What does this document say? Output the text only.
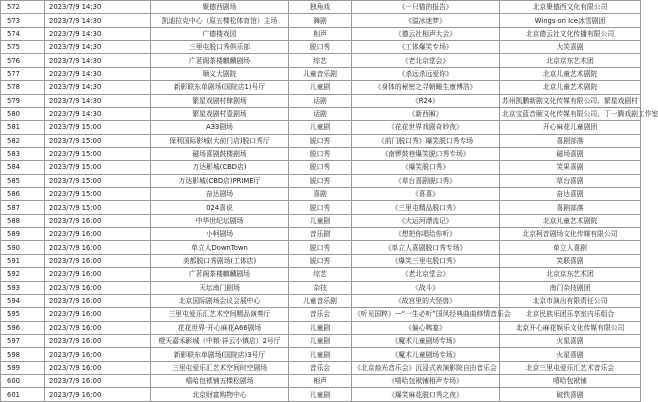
572	2023/7/9 14:30	聚德西剧场	独角戏	《一只猫的报告》	北京聚德西文化有限公司
573	2023/7/9 14:30	凯迪拉克中心（原五棵松体育馆）主场	舞剧	《溢冰迷梦》	Wings on Ice冰雪剧团
574	2023/7/9 14:30	广德楼戏园	相声	《德云社相声大会》	北京德云社文化传播有限公司
575	2023/7/9 14:30	三里屯脱口秀俱乐部	脱口秀	《工体爆笑专场》	大笑喜剧
576	2023/7/9 14:30	广茗阁茶楼麒麟剧场	综艺	《老北京堂会》	北京京东艺术团
577	2023/7/9 14:30	顺义大剧院	儿童音乐剧	《杀远杀远爱你》	北京儿童艺术剧院
578	2023/7/9 14:30	新影联东单剧场(国院店1)号厅	儿童剧	《身体的秘密之寻朝睡生康博浩》	北京儿童艺术剧院
579	2023/7/9 14:30	繁星戏剧村肆剧场	话剧	《R24》	苏州凯鹏新剧文化传媒有限公司、繁星戏剧村
580	2023/7/9 14:30	繁星戏剧村壹剧场	话剧	《新西厢》	北京宝蓝音颐文化传媒有限公司、丁一腾戏剧工作室
581	2023/7/9 15:00	A33剧场	儿童剧	《花花世界戏剧奇妙夜》	开心麻花儿童剧团
582	2023/7/9 15:00	保利国际影城(大前门店)脱口秀厅	脱口秀	《前门脱口秀》爆笑脱口秀专场	喜剧部落
583	2023/7/9 15:00	磁场喜剧鼓楼剧场	脱口秀	《南锣鼓巷爆笑脱口秀专场》	磁场喜剧
584	2023/7/9 15:00	万达影城(CBD店)	脱口秀	《爆笑脱口秀》	笑果喜剧
585	2023/7/9 15:00	万达影城(CBD店)PRIME厅	脱口秀	《草台喜剧脱口秀》	草台喜剧
586	2023/7/9 15:00	奋达剧场	喜剧	《喜喜》	奋达喜剧
587	2023/7/9 15:00	024喜说	脱口秀	《三里屯精品脱口秀》	喜剧部落
588	2023/7/9 16:00	中华世纪坛剧场	儿童剧	《大运河漂流记》	北京儿童艺术剧院
589	2023/7/9 16:00	小柯剧场	音乐剧	《想把你唱给你听》	北京柯音剧场文化传媒有限公司
590	2023/7/9 16:00	单立人DownTown	脱口秀	《单立人喜剧脱口秀专场》	单立人喜剧
591	2023/7/9 16:00	美都脱口秀剧场(工体店)	脱口秀	《爆笑三里屯脱口秀》	笑联喜剧
592	2023/7/9 16:00	广茗阁茶楼麒麟剧场	综艺	《老北京堂会》	北京京东艺术团
593	2023/7/9 16:00	天坛南门剧场	杂技	《战斗》	南门杂技剧团
594	2023/7/9 16:00	北京国际剧场会议会展中心	儿童音乐剧	《故宫里的大怪兽》	北京市演出有限责任公司
595	2023/7/9 16:00	三里屯爱乐汇艺术空间精品演奏厅	音乐会	《听见国粹》—“一生必听”国风经典曲曲修情音乐会	北京民族乐团乐享室内乐组合
596	2023/7/9 16:00	花花世界·开心麻花A66剧场	儿童剧	《偏心鸭宴》	北京开心麻花娱乐文化传媒有限公司
597	2023/7/9 16:00	橙天嘉禾影城（中粮·祥云小镇店）2号厅	儿童剧	《魔术儿童剧场专场》	火星喜剧
598	2023/7/9 16:00	新影联东单剧场(国院店)3号厅	儿童剧	《魔术儿童剧场专场》	火星喜剧
599	2023/7/9 16:00	三里屯爱乐汇艺术空间时空剧场	音乐会	《北京烛光音乐会》沉浸式表演影院自由音乐会	北京三里屯爱乐汇艺术音乐会
600	2023/7/9 16:00	嘻哈包袱铺五棵松剧场	相声	《嘻哈包袱铺相声专场》	嘻哈包袱铺
601	2023/7/9 16:00	北京财富购物中心	儿童剧	《爆笑麻花脱口秀之夜》	破铁喜剧
